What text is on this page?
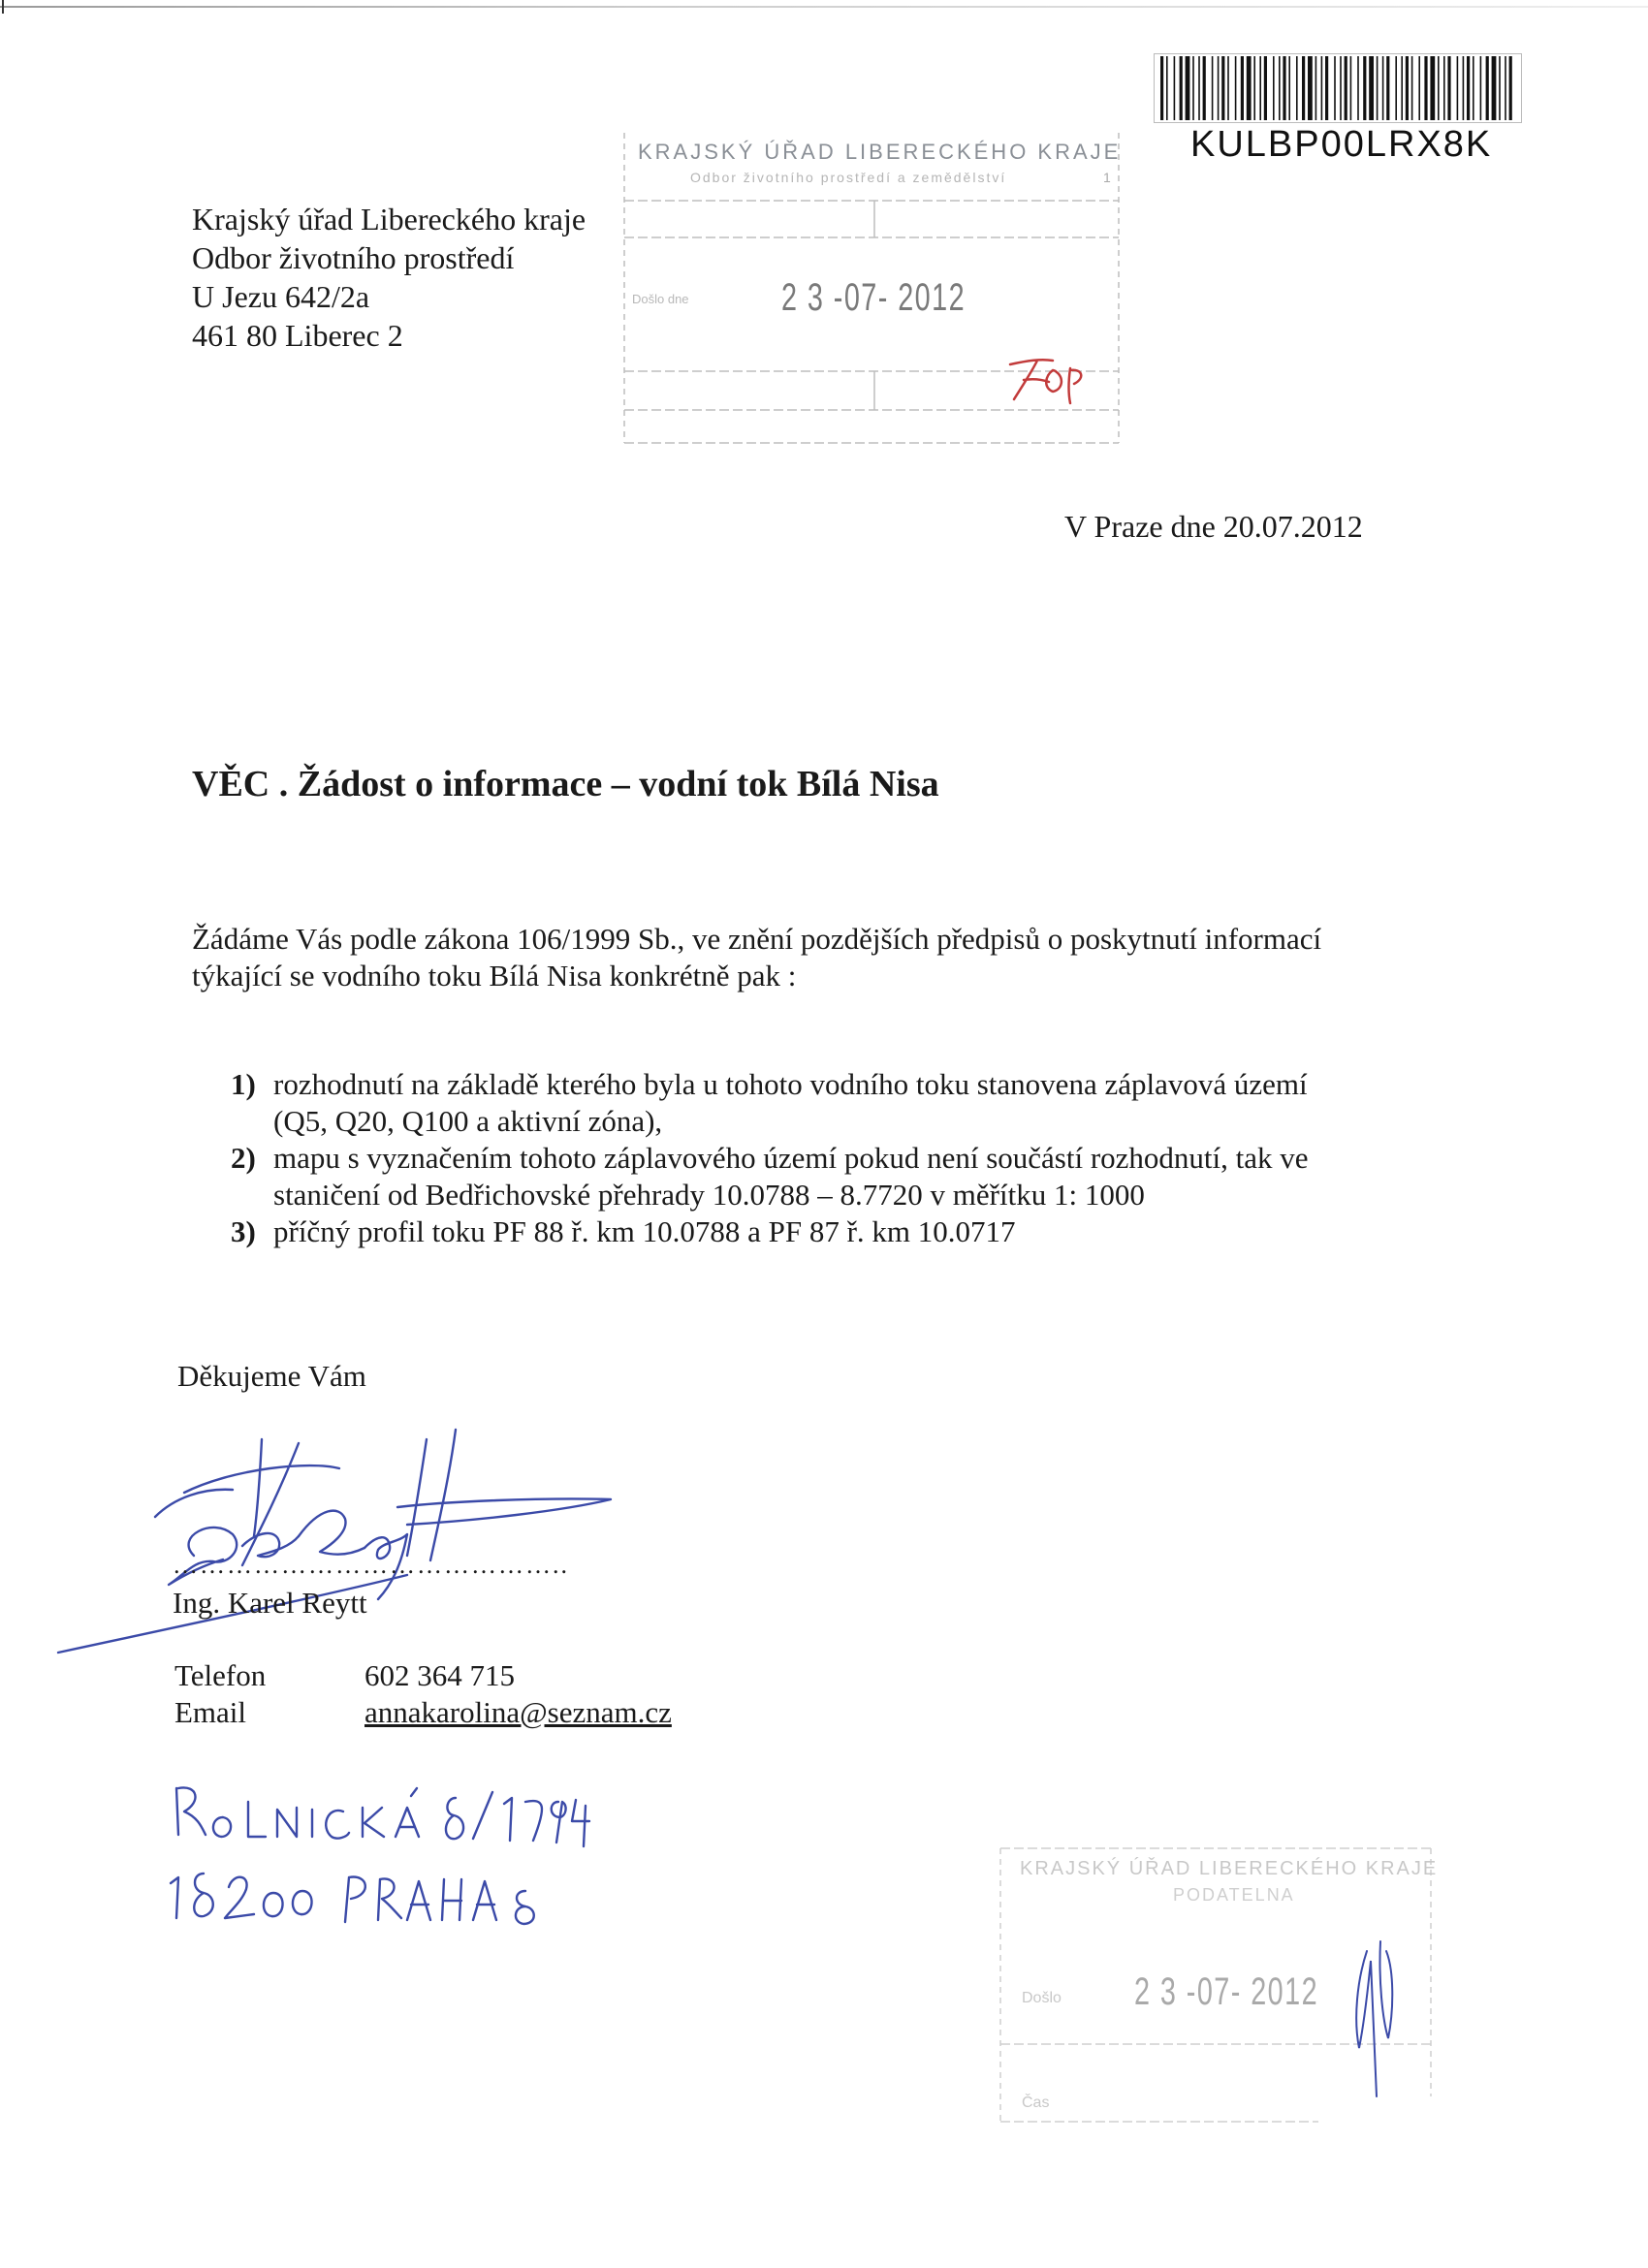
KULBP00LRX8K
Krajský úřad Libereckého kraje
Odbor životního prostředí
U Jezu 642/2a
461 80 Liberec 2
KRAJSKÝ ÚŘAD LIBERECKÉHO KRAJE
Odbor životního prostředí a zemědělství	1
Došlo dne 2 3 -07- 2012
V Praze dne 20.07.2012
VĚC . Žádost o informace – vodní tok Bílá Nisa
Žádáme Vás podle zákona 106/1999 Sb., ve znění pozdějších předpisů o poskytnutí informací
týkající se vodního toku Bílá Nisa konkrétně pak :
1) rozhodnutí na základě kterého byla u tohoto vodního toku stanovena záplavová území
(Q5, Q20, Q100 a aktivní zóna),
2) mapu s vyznačením tohoto záplavového území pokud není součástí rozhodnutí, tak ve
staničení od Bedřichovské přehrady 10.0788 – 8.7720 v měřítku 1: 1000
3) příčný profil toku PF 88 ř. km 10.0788 a PF 87 ř. km 10.0717
Děkujeme Vám
……………………………………..
Ing. Karel Reytt
Telefon	602 364 715
Email	annakarolina@seznam.cz
KRAJSKÝ ÚŘAD LIBERECKÉHO KRAJE
PODATELNA
Došlo 2 3 -07- 2012
Čas
